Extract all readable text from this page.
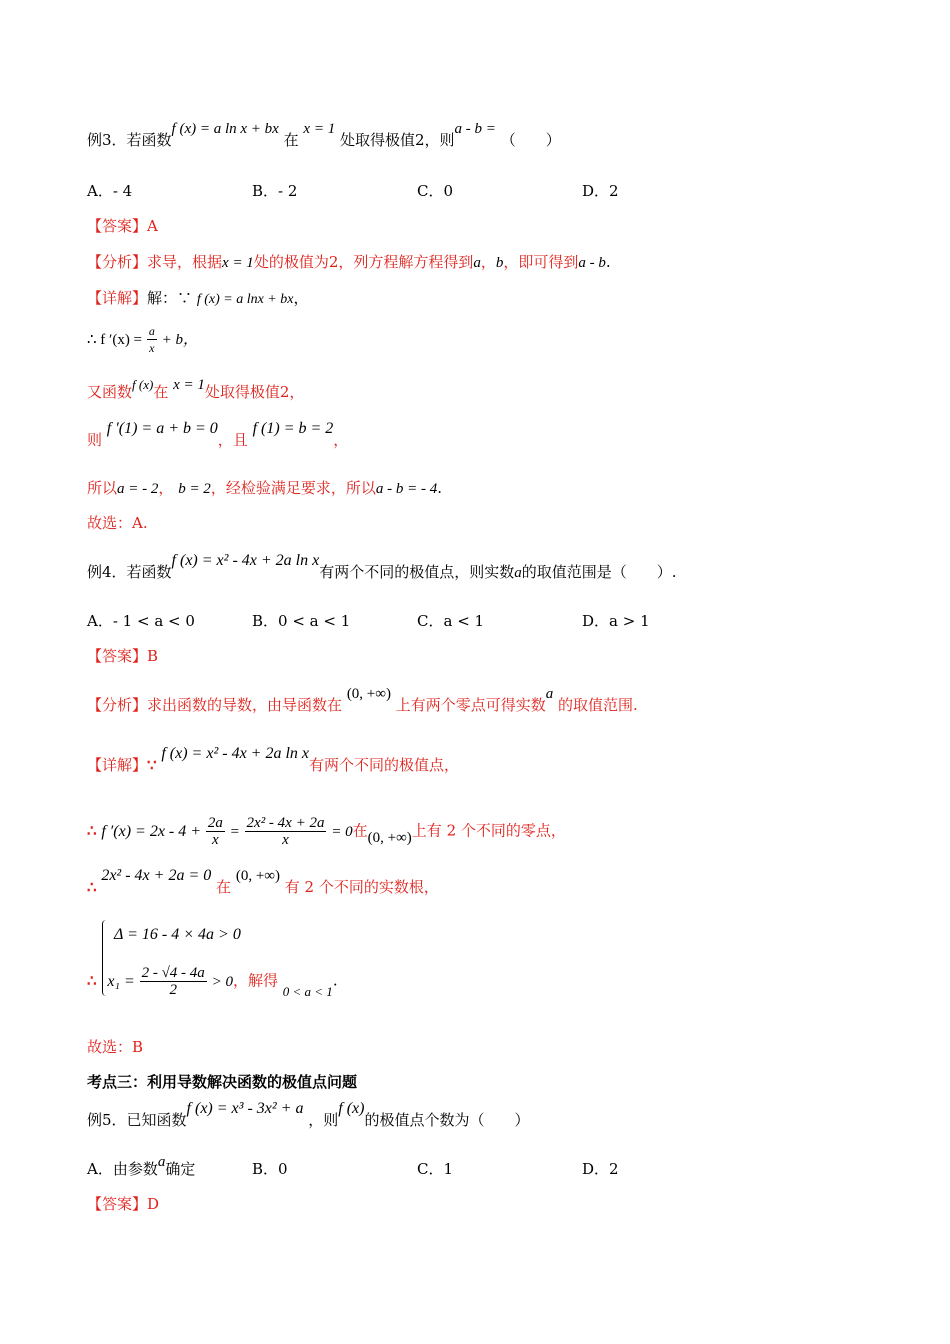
例3．若函数f (x) = a ln x + bx 在 x = 1 处取得极值2，则a - b = （　　）
A．- 4	B．- 2	C．0	D．2
【答案】A
【分析】求导，根据x = 1处的极值为2，列方程解方程得到a，b，即可得到a - b.
【详解】解：∵ f (x) = a lnx + bx，
∴ f $'(x) = \frac{a}{x} + b$，
又函数f (x)在 x = 1处取得极值2，
则 f ′(1) = a + b = 0，且 f (1) = b = 2，
所以a = - 2， b = 2，经检验满足要求，所以a - b = - 4.
故选：A.
例4．若函数f (x) = x² - 4x + 2a ln x有两个不同的极值点，则实数a的取值范围是（　　）.
A．- 1 < a < 0	B．0 < a < 1	C．a < 1	D．a > 1
【答案】B
【分析】求出函数的导数，由导函数在 (0, +∞) 上有两个零点可得实数a 的取值范围.
【详解】∵ f (x) = x² - 4x + 2a ln x有两个不同的极值点，
∴ f $'(x) = 2x - 4 + \frac{2a}{x} = \frac{\text{2x² - 4x + 2a}}{x} = 0$在(0, +∞)上有 2 个不同的零点，
∴ 2x² - 4x + 2a = 0 在 (0, +∞) 有 2 个不同的实数根，
Δ = 16 - 4 × 4a > 0
∴ $x_1 = \frac{2 - √4 - 4a}{2} > 0$，解得 0 < a < 1.
故选：B
考点三：利用导数解决函数的极值点问题
例5．已知函数f (x) = x³ - 3x² + a ，则f (x)的极值点个数为（　　）
A．由参数a确定	B．0	C．1	D．2
【答案】D
